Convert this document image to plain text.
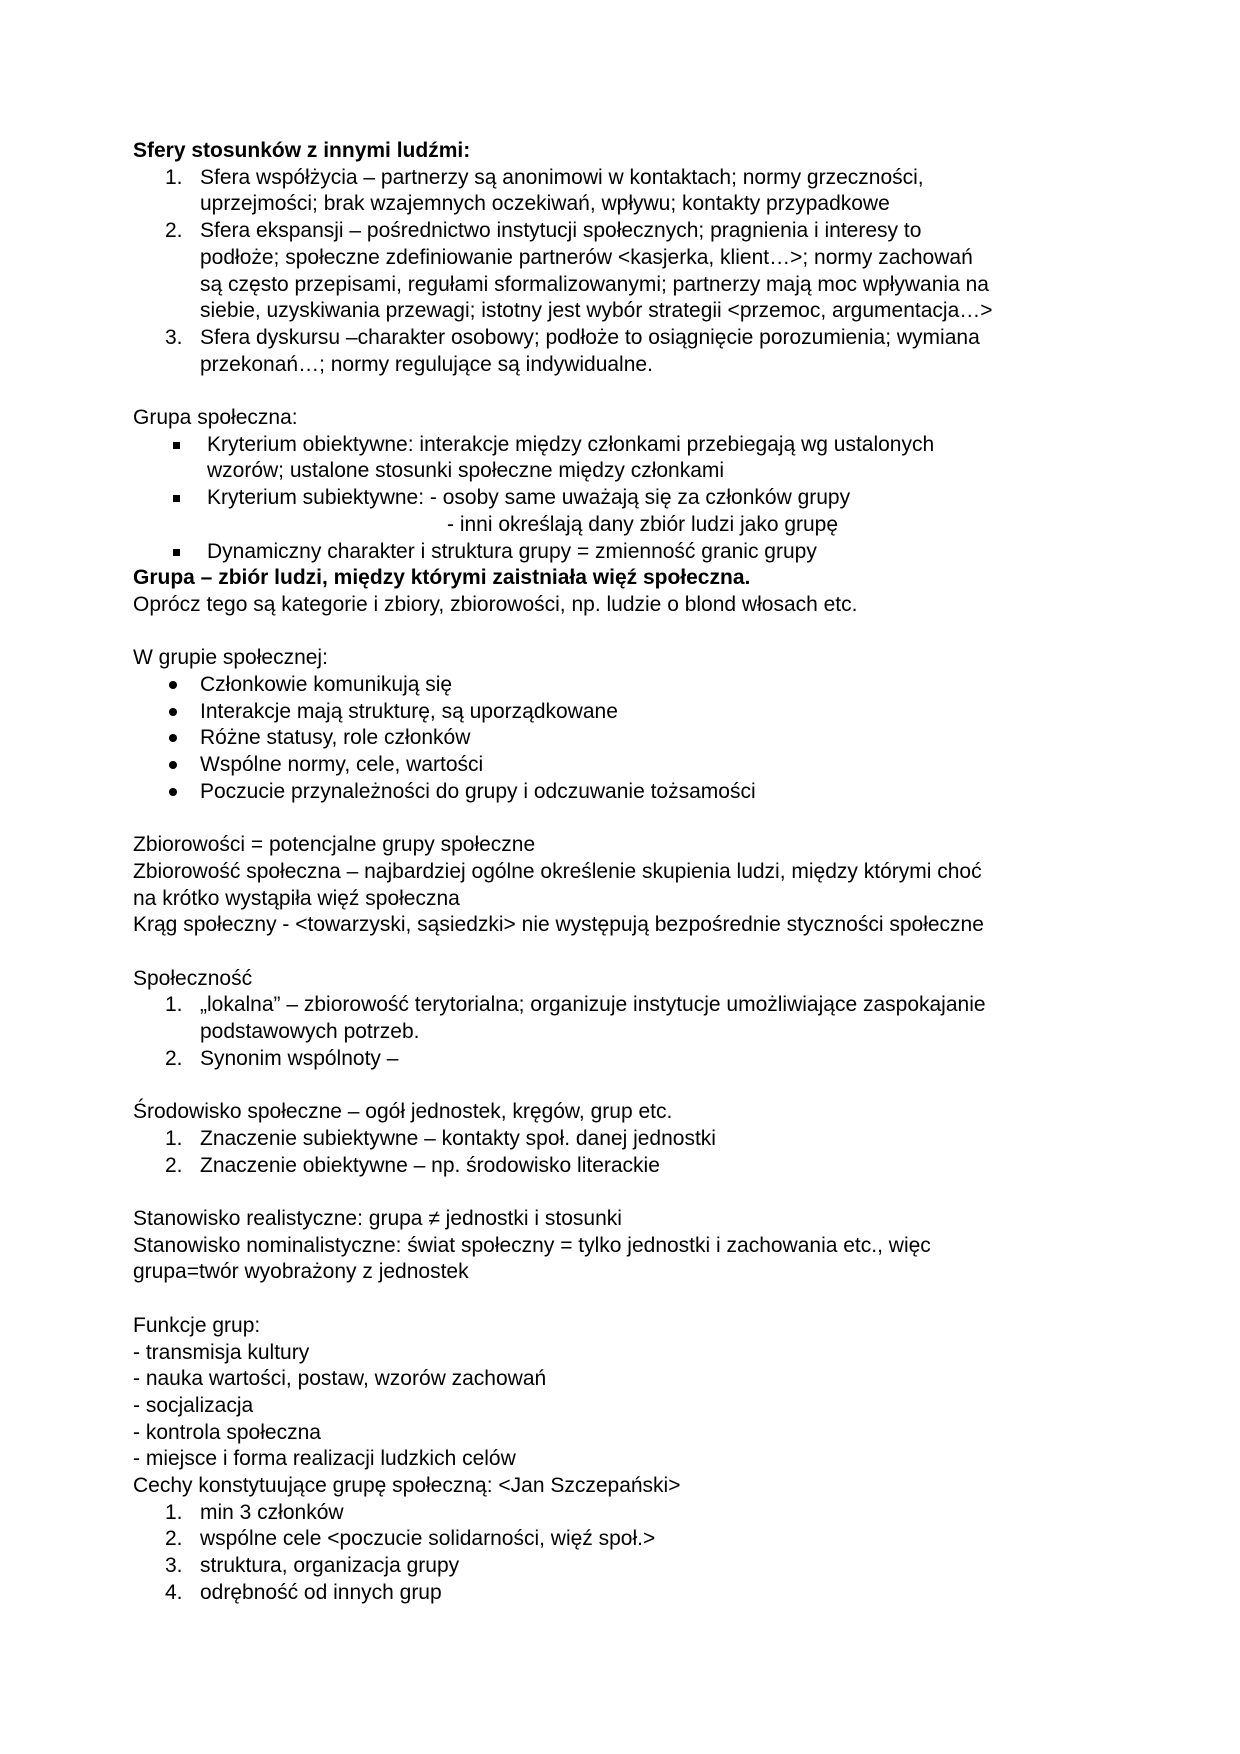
Sfery stosunków z innymi ludźmi:
1. Sfera współżycia – partnerzy są anonimowi w kontaktach; normy grzeczności,
uprzejmości; brak wzajemnych oczekiwań, wpływu; kontakty przypadkowe
2. Sfera ekspansji – pośrednictwo instytucji społecznych; pragnienia i interesy to
podłoże; społeczne zdefiniowanie partnerów <kasjerka, klient…>; normy zachowań
są często przepisami, regułami sformalizowanymi; partnerzy mają moc wpływania na
siebie, uzyskiwania przewagi; istotny jest wybór strategii <przemoc, argumentacja…>
3. Sfera dyskursu –charakter osobowy; podłoże to osiągnięcie porozumienia; wymiana
przekonań…; normy regulujące są indywidualne.
Grupa społeczna:
Kryterium obiektywne: interakcje między członkami przebiegają wg ustalonych
wzorów; ustalone stosunki społeczne między członkami
Kryterium subiektywne: - osoby same uważają się za członków grupy
- inni określają dany zbiór ludzi jako grupę
Dynamiczny charakter i struktura grupy = zmienność granic grupy
Grupa – zbiór ludzi, między którymi zaistniała więź społeczna.
Oprócz tego są kategorie i zbiory, zbiorowości, np. ludzie o blond włosach etc.
W grupie społecznej:
Członkowie komunikują się
Interakcje mają strukturę, są uporządkowane
Różne statusy, role członków
Wspólne normy, cele, wartości
Poczucie przynależności do grupy i odczuwanie tożsamości
Zbiorowości = potencjalne grupy społeczne
Zbiorowość społeczna – najbardziej ogólne określenie skupienia ludzi, między którymi choć
na krótko wystąpiła więź społeczna
Krąg społeczny - <towarzyski, sąsiedzki> nie występują bezpośrednie styczności społeczne
Społeczność
1. „lokalna” – zbiorowość terytorialna; organizuje instytucje umożliwiające zaspokajanie
podstawowych potrzeb.
2. Synonim wspólnoty –
Środowisko społeczne – ogół jednostek, kręgów, grup etc.
1. Znaczenie subiektywne – kontakty społ. danej jednostki
2. Znaczenie obiektywne – np. środowisko literackie
Stanowisko realistyczne: grupa ≠ jednostki i stosunki
Stanowisko nominalistyczne: świat społeczny = tylko jednostki i zachowania etc., więc
grupa=twór wyobrażony z jednostek
Funkcje grup:
- transmisja kultury
- nauka wartości, postaw, wzorów zachowań
- socjalizacja
- kontrola społeczna
- miejsce i forma realizacji ludzkich celów
Cechy konstytuujące grupę społeczną: <Jan Szczepański>
1. min 3 członków
2. wspólne cele <poczucie solidarności, więź społ.>
3. struktura, organizacja grupy
4. odrębność od innych grup
